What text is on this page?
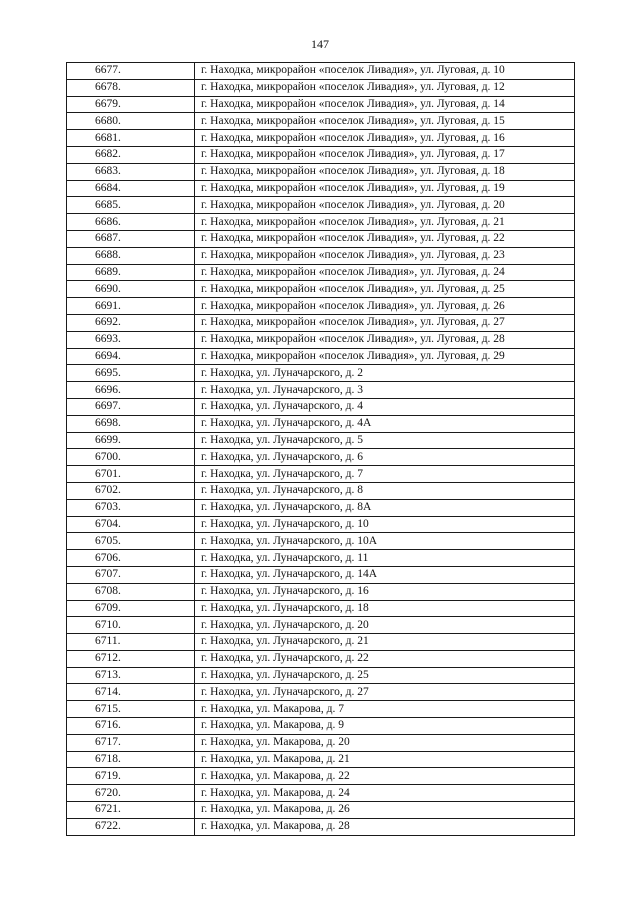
147
6677.	г. Находка, микрорайон «поселок Ливадия», ул. Луговая, д. 10
6678.	г. Находка, микрорайон «поселок Ливадия», ул. Луговая, д. 12
6679.	г. Находка, микрорайон «поселок Ливадия», ул. Луговая, д. 14
6680.	г. Находка, микрорайон «поселок Ливадия», ул. Луговая, д. 15
6681.	г. Находка, микрорайон «поселок Ливадия», ул. Луговая, д. 16
6682.	г. Находка, микрорайон «поселок Ливадия», ул. Луговая, д. 17
6683.	г. Находка, микрорайон «поселок Ливадия», ул. Луговая, д. 18
6684.	г. Находка, микрорайон «поселок Ливадия», ул. Луговая, д. 19
6685.	г. Находка, микрорайон «поселок Ливадия», ул. Луговая, д. 20
6686.	г. Находка, микрорайон «поселок Ливадия», ул. Луговая, д. 21
6687.	г. Находка, микрорайон «поселок Ливадия», ул. Луговая, д. 22
6688.	г. Находка, микрорайон «поселок Ливадия», ул. Луговая, д. 23
6689.	г. Находка, микрорайон «поселок Ливадия», ул. Луговая, д. 24
6690.	г. Находка, микрорайон «поселок Ливадия», ул. Луговая, д. 25
6691.	г. Находка, микрорайон «поселок Ливадия», ул. Луговая, д. 26
6692.	г. Находка, микрорайон «поселок Ливадия», ул. Луговая, д. 27
6693.	г. Находка, микрорайон «поселок Ливадия», ул. Луговая, д. 28
6694.	г. Находка, микрорайон «поселок Ливадия», ул. Луговая, д. 29
6695.	г. Находка, ул. Луначарского, д. 2
6696.	г. Находка, ул. Луначарского, д. 3
6697.	г. Находка, ул. Луначарского, д. 4
6698.	г. Находка, ул. Луначарского, д. 4А
6699.	г. Находка, ул. Луначарского, д. 5
6700.	г. Находка, ул. Луначарского, д. 6
6701.	г. Находка, ул. Луначарского, д. 7
6702.	г. Находка, ул. Луначарского, д. 8
6703.	г. Находка, ул. Луначарского, д. 8А
6704.	г. Находка, ул. Луначарского, д. 10
6705.	г. Находка, ул. Луначарского, д. 10А
6706.	г. Находка, ул. Луначарского, д. 11
6707.	г. Находка, ул. Луначарского, д. 14А
6708.	г. Находка, ул. Луначарского, д. 16
6709.	г. Находка, ул. Луначарского, д. 18
6710.	г. Находка, ул. Луначарского, д. 20
6711.	г. Находка, ул. Луначарского, д. 21
6712.	г. Находка, ул. Луначарского, д. 22
6713.	г. Находка, ул. Луначарского, д. 25
6714.	г. Находка, ул. Луначарского, д. 27
6715.	г. Находка, ул. Макарова, д. 7
6716.	г. Находка, ул. Макарова, д. 9
6717.	г. Находка, ул. Макарова, д. 20
6718.	г. Находка, ул. Макарова, д. 21
6719.	г. Находка, ул. Макарова, д. 22
6720.	г. Находка, ул. Макарова, д. 24
6721.	г. Находка, ул. Макарова, д. 26
6722.	г. Находка, ул. Макарова, д. 28
